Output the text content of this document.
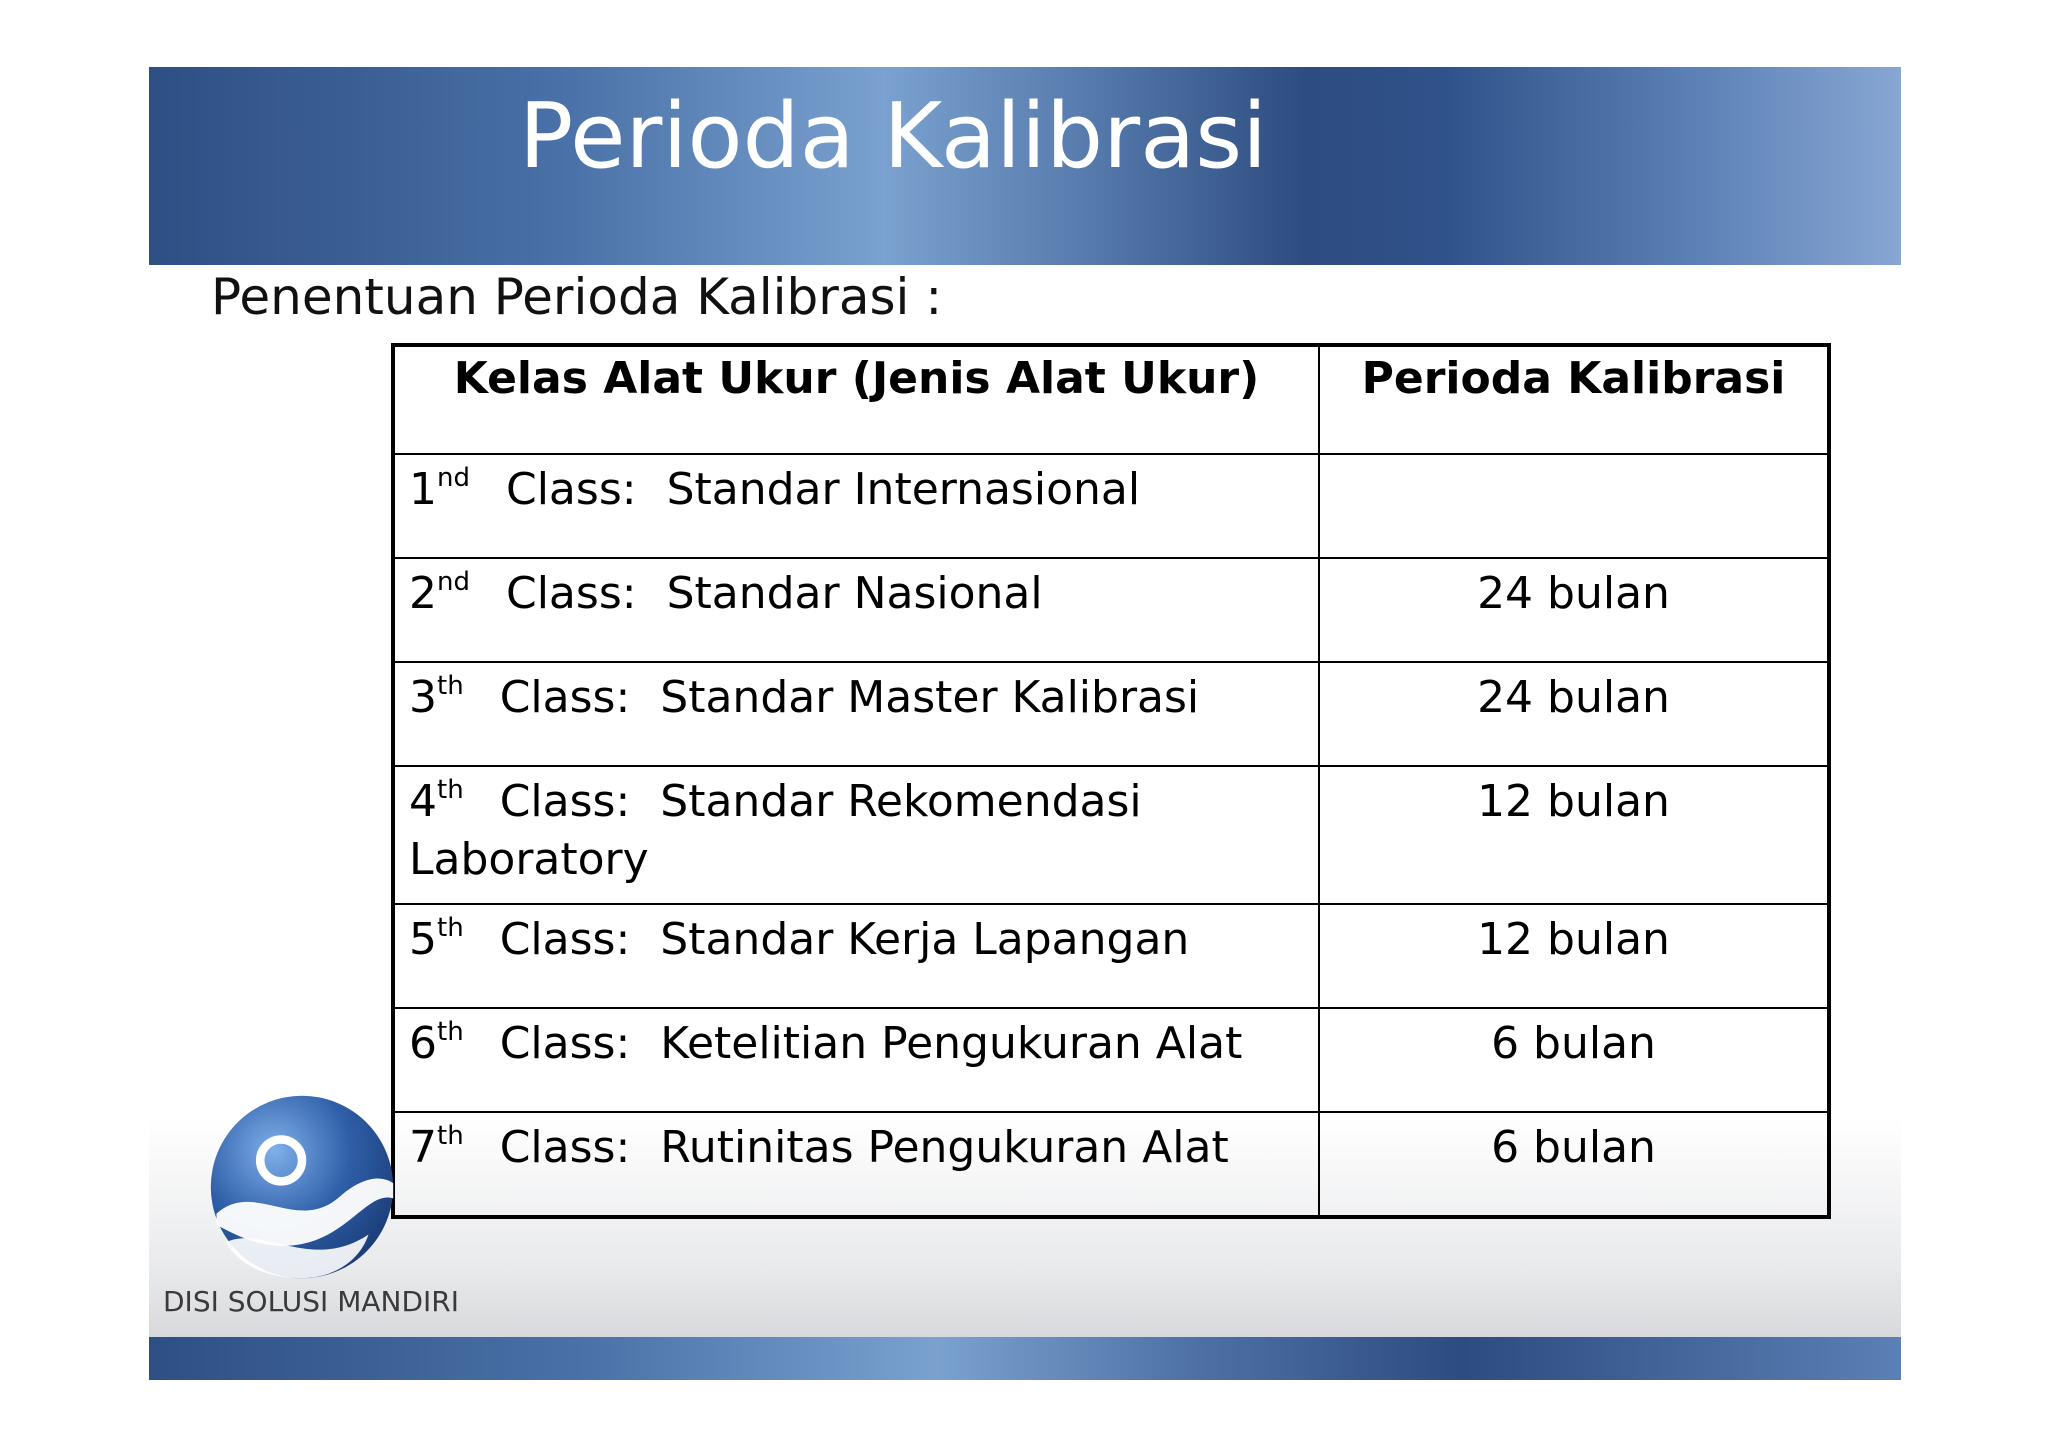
Perioda Kalibrasi
Penentuan Perioda Kalibrasi :
Kelas Alat Ukur (Jenis Alat Ukur)	Perioda Kalibrasi
1nd Class: Standar Internasional	
2nd Class: Standar Nasional	24 bulan
3th Class: Standar Master Kalibrasi	24 bulan
4th Class: Standar Rekomendasi Laboratory	12 bulan
5th Class: Standar Kerja Lapangan	12 bulan
6th Class: Ketelitian Pengukuran Alat	6 bulan
7th Class: Rutinitas Pengukuran Alat	6 bulan
DISI SOLUSI MANDIRI
